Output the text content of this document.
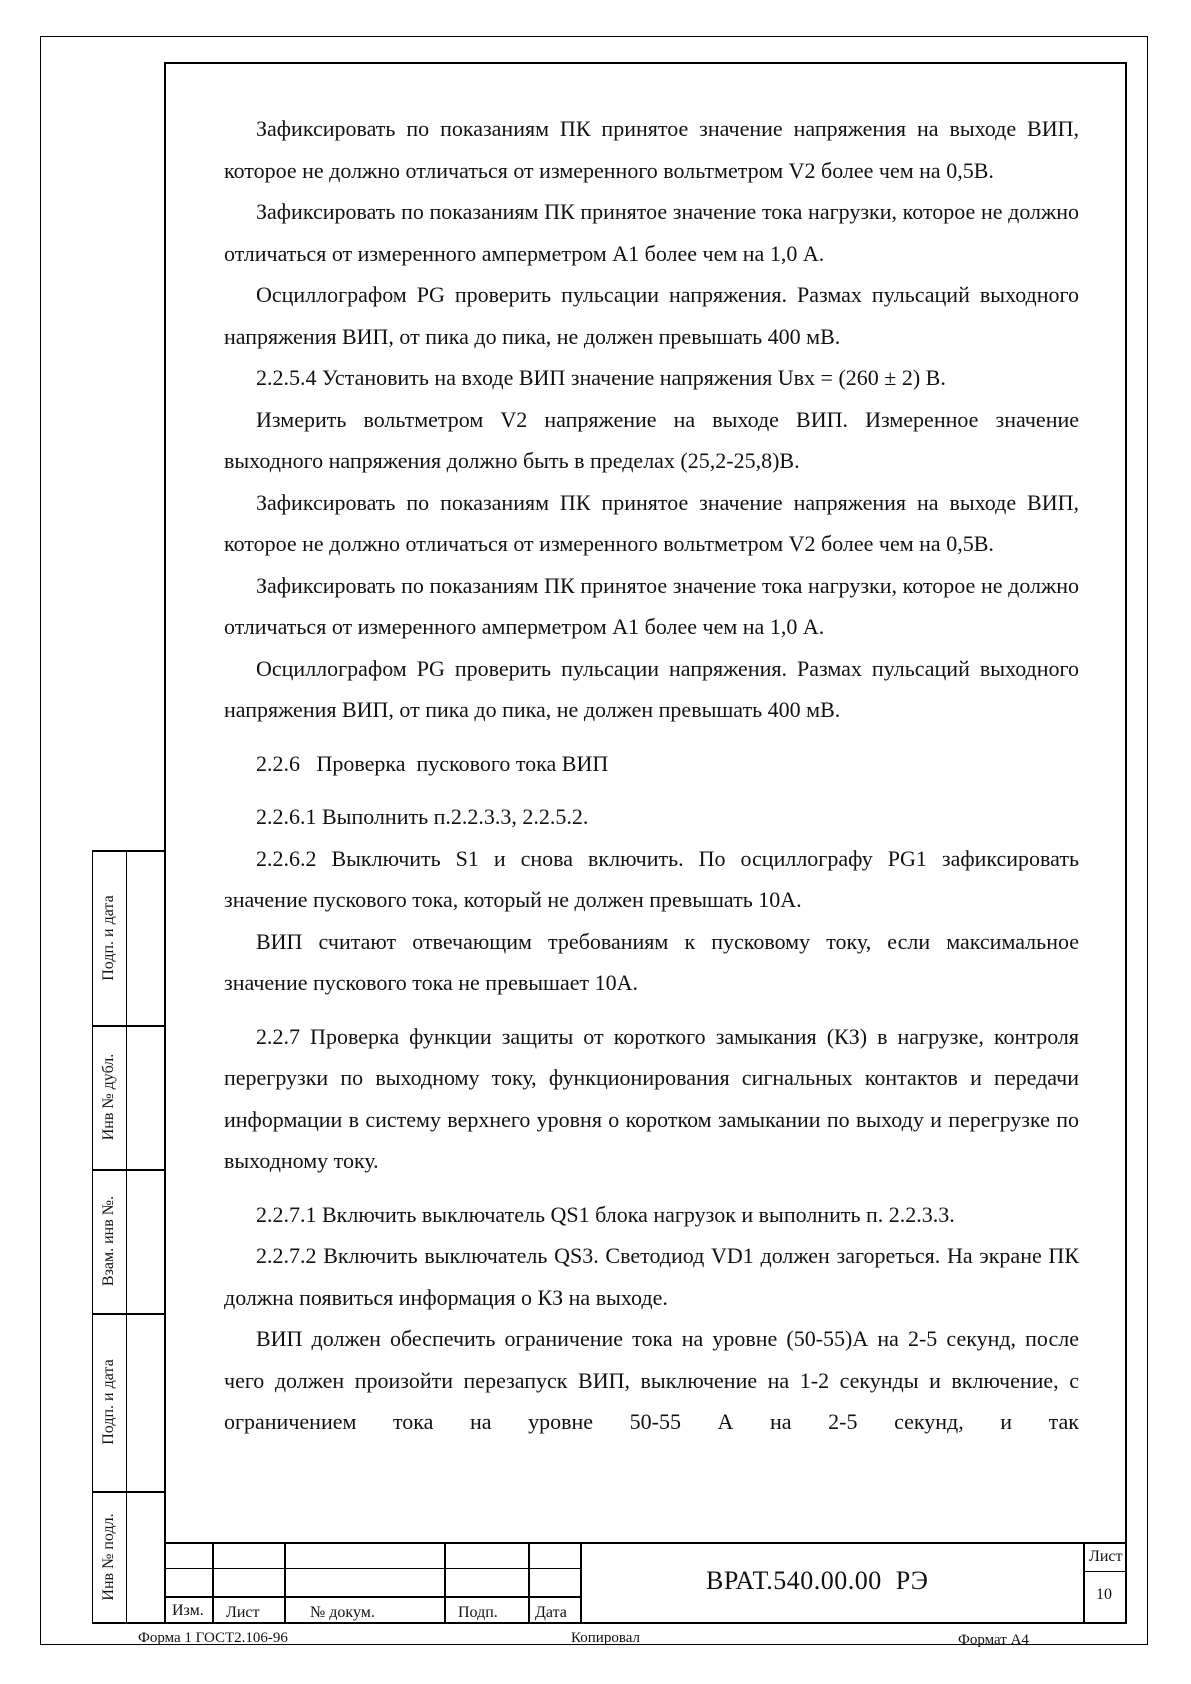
Зафиксировать по показаниям ПК принятое значение напряжения на выходе ВИП, которое не должно отличаться от измеренного вольтметром V2 более чем на 0,5В.

Зафиксировать по показаниям ПК принятое значение тока нагрузки, которое не должно отличаться от измеренного амперметром А1 более чем на 1,0 А.

Осциллографом PG проверить пульсации напряжения. Размах пульсаций выходного напряжения ВИП, от пика до пика, не должен превышать 400 мВ.

2.2.5.4 Установить на входе ВИП значение напряжения Uвх = (260 ± 2) В.

Измерить вольтметром V2 напряжение на выходе ВИП. Измеренное значение выходного напряжения должно быть в пределах (25,2-25,8)В.

Зафиксировать по показаниям ПК принятое значение напряжения на выходе ВИП, которое не должно отличаться от измеренного вольтметром V2 более чем на 0,5В.

Зафиксировать по показаниям ПК принятое значение тока нагрузки, которое не должно отличаться от измеренного амперметром А1 более чем на 1,0 А.

Осциллографом PG проверить пульсации напряжения. Размах пульсаций выходного напряжения ВИП, от пика до пика, не должен превышать 400 мВ.

2.2.6   Проверка  пускового тока ВИП

2.2.6.1 Выполнить п.2.2.3.3, 2.2.5.2.

2.2.6.2 Выключить S1 и снова включить. По осциллографу PG1 зафиксировать значение пускового тока, который не должен превышать 10А.

ВИП считают отвечающим требованиям к пусковому току, если максимальное значение пускового тока не превышает 10А.

2.2.7 Проверка функции защиты от короткого замыкания (КЗ) в нагрузке, контроля перегрузки по выходному току, функционирования сигнальных контактов и передачи информации в систему верхнего уровня о коротком замыкании по выходу и перегрузке по выходному току.

2.2.7.1 Включить выключатель QS1 блока нагрузок и выполнить п. 2.2.3.3.

2.2.7.2 Включить выключатель QS3. Светодиод VD1 должен загореться. На экране ПК должна появиться информация о КЗ на выходе.

ВИП должен обеспечить ограничение тока на уровне (50-55)А на 2-5 секунд, после чего должен произойти перезапуск ВИП, выключение на 1-2 секунды и включение, с ограничением тока на уровне 50-55 А на 2-5 секунд, и так

Подп. и дата
Инв № дубл.
Взам. инв №.
Подп. и дата
Инв № подл.
Изм. Лист	№ докум.	Подп. Дата
ВРАТ.540.00.00  РЭ
Лист
10
Форма 1 ГОСТ2.106-96	Копировал	Формат А4
